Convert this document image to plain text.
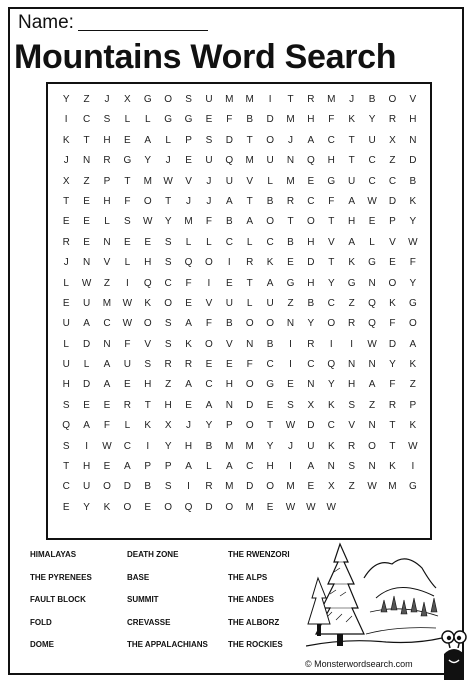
Name:
Mountains Word Search
Y	Z	J	X	G	O	S	U	M	M	I	T	R	M	J	B	O	V
I	C	S	L	L	G	G	E	F	B	D	M	H	F	K	Y	R	H
K	T	H	E	A	L	P	S	D	T	O	J	A	C	T	U	X	N
J	N	R	G	Y	J	E	U	Q	M	U	N	Q	H	T	C	Z	D
X	Z	P	T	M	W	V	J	U	V	L	M	E	G	U	C	C	B
T	E	H	F	O	T	J	J	A	T	B	R	C	F	A	W	D	K
E	E	L	S	W	Y	M	F	B	A	O	T	O	T	H	E	P	Y
R	E	N	E	E	S	L	L	C	L	C	B	H	V	A	L	V	W
J	N	V	L	H	S	Q	O	I	R	K	E	D	T	K	G	E	F
L	W	Z	I	Q	C	F	I	E	T	A	G	H	Y	G	N	O	Y
E	U	M	W	K	O	E	V	U	L	U	Z	B	C	Z	Q	K	G
U	A	C	W	O	S	A	F	B	O	O	N	Y	O	R	Q	F	O
L	D	N	F	V	S	K	O	V	N	B	I	R	I	I	W	D	A
U	L	A	U	S	R	R	E	E	F	C	I	C	Q	N	N	Y	K
H	D	A	E	H	Z	A	C	H	O	G	E	N	Y	H	A	F	Z
S	E	E	R	T	H	E	A	N	D	E	S	X	K	S	Z	R	P
Q	A	F	L	K	X	J	Y	P	O	T	W	D	C	V	N	T	K
S	I	W	C	I	Y	H	B	M	M	Y	J	U	K	R	O	T	W
T	H	E	A	P	P	A	L	A	C	H	I	A	N	S	N	K	I
C	U	O	D	B	S	I	R	M	D	O	M	E	X	Z	W	M	G
E	Y	K	O	E	O	Q	D	O	M	E	W	W	W
HIMALAYAS
THE PYRENEES
FAULT BLOCK
FOLD
DOME
DEATH ZONE
BASE
SUMMIT
CREVASSE
THE APPALACHIANS
THE RWENZORI
THE ALPS
THE ANDES
THE ALBORZ
THE ROCKIES
© Monsterwordsearch.com
